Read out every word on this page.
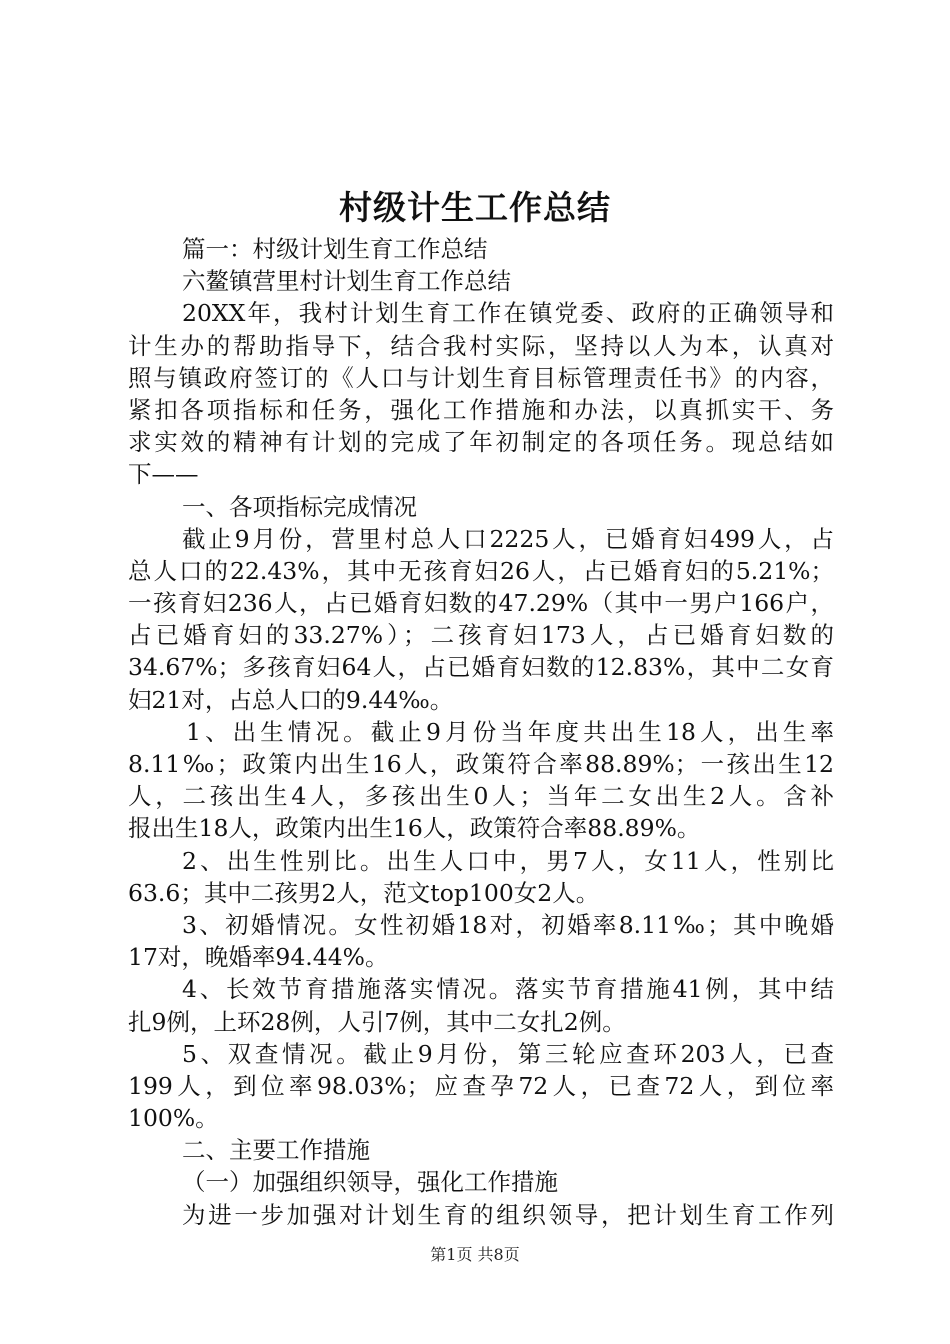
村级计生工作总结
篇一：村级计划生育工作总结
六鳌镇营里村计划生育工作总结
20XX年，我村计划生育工作在镇党委、政府的正确领导和
计生办的帮助指导下，结合我村实际，坚持以人为本，认真对
照与镇政府签订的《人口与计划生育目标管理责任书》的内容，
紧扣各项指标和任务，强化工作措施和办法，以真抓实干、务
求实效的精神有计划的完成了年初制定的各项任务。现总结如
下——
一、各项指标完成情况
截止9月份，营里村总人口2225人，已婚育妇499人，占
总人口的22.43%，其中无孩育妇26人，占已婚育妇的5.21%；
一孩育妇236人，占已婚育妇数的47.29%（其中一男户166户，
占已婚育妇的33.27%）；二孩育妇173人，占已婚育妇数的
34.67%；多孩育妇64人，占已婚育妇数的12.83%，其中二女育
妇21对，占总人口的9.44‰。
1、出生情况。截止9月份当年度共出生18人，出生率
8.11‰；政策内出生16人，政策符合率88.89%；一孩出生12
人，二孩出生4人，多孩出生0人；当年二女出生2人。含补
报出生18人，政策内出生16人，政策符合率88.89%。
2、出生性别比。出生人口中，男7人，女11人，性别比
63.6；其中二孩男2人，范文top100女2人。
3、初婚情况。女性初婚18对，初婚率8.11‰；其中晚婚
17对，晚婚率94.44%。
4、长效节育措施落实情况。落实节育措施41例，其中结
扎9例，上环28例，人引7例，其中二女扎2例。
5、双查情况。截止9月份，第三轮应查环203人，已查
199人，到位率98.03%；应查孕72人，已查72人，到位率
100%。
二、主要工作措施
（一）加强组织领导，强化工作措施
为进一步加强对计划生育的组织领导，把计划生育工作列
第1页 共8页
